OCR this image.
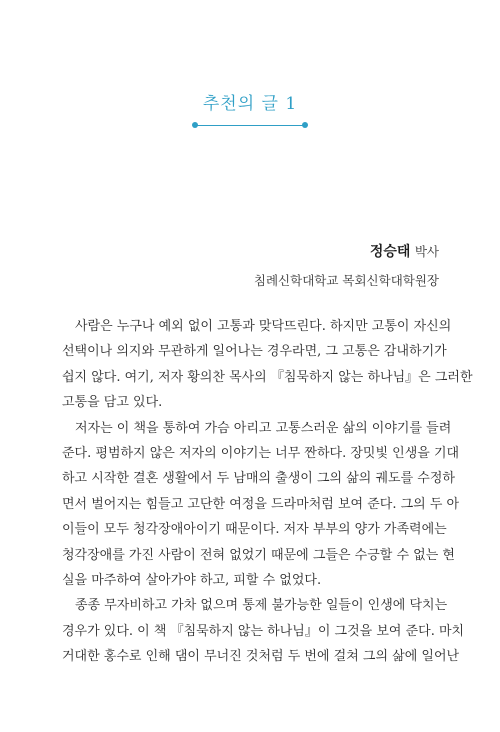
추천의 글 1
정승태 박사
침례신학대학교 목회신학대학원장

사람은 누구나 예외 없이 고통과 맞닥뜨린다. 하지만 고통이 자신의
선택이나 의지와 무관하게 일어나는 경우라면, 그 고통은 감내하기가
쉽지 않다. 여기, 저자 황의찬 목사의 『침묵하지 않는 하나님』은 그러한
고통을 담고 있다.

저자는 이 책을 통하여 가슴 아리고 고통스러운 삶의 이야기를 들려
준다. 평범하지 않은 저자의 이야기는 너무 짠하다. 장밋빛 인생을 기대
하고 시작한 결혼 생활에서 두 남매의 출생이 그의 삶의 궤도를 수정하
면서 벌어지는 힘들고 고단한 여정을 드라마처럼 보여 준다. 그의 두 아
이들이 모두 청각장애아이기 때문이다. 저자 부부의 양가 가족력에는
청각장애를 가진 사람이 전혀 없었기 때문에 그들은 수긍할 수 없는 현
실을 마주하여 살아가야 하고, 피할 수 없었다.

종종 무자비하고 가차 없으며 통제 불가능한 일들이 인생에 닥치는
경우가 있다. 이 책 『침묵하지 않는 하나님』이 그것을 보여 준다. 마치
거대한 홍수로 인해 댐이 무너진 것처럼 두 번에 걸쳐 그의 삶에 일어난
